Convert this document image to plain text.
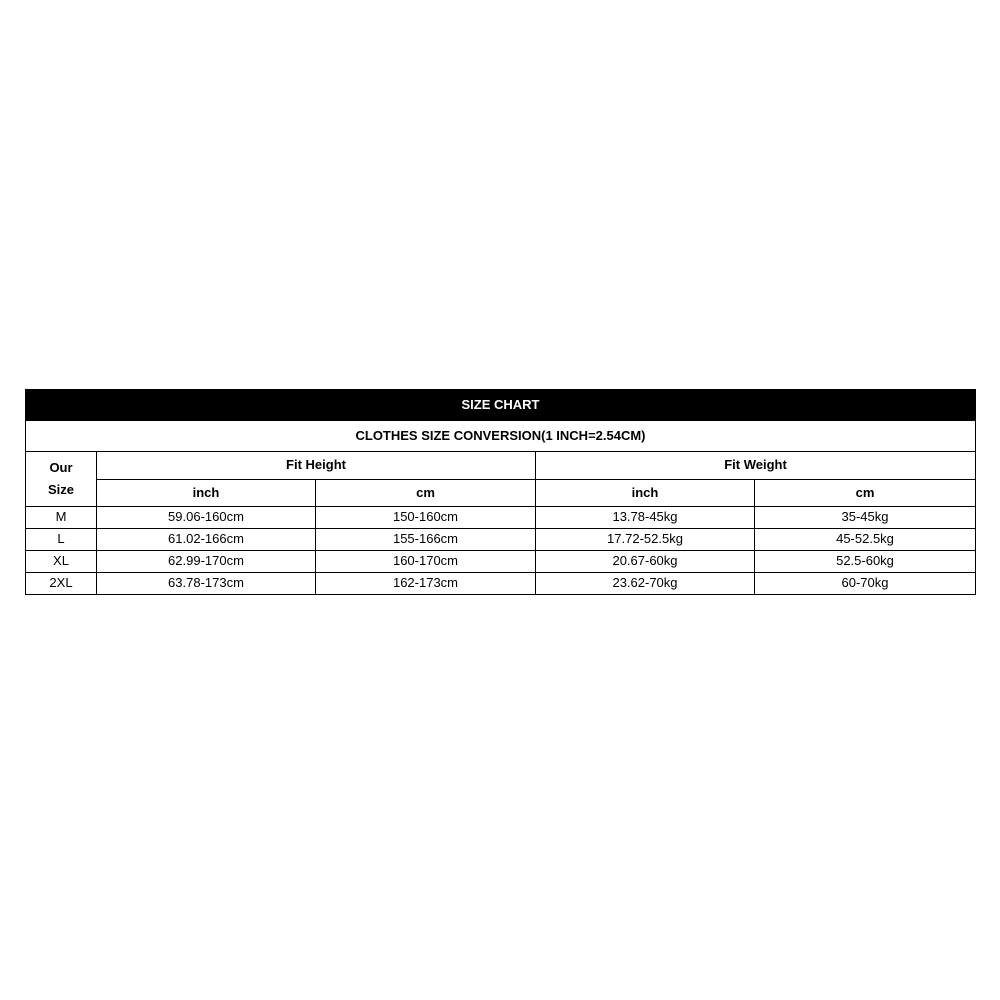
SIZE CHART				
CLOTHES SIZE CONVERSION(1 INCH=2.54CM)				

Our
Size	Fit Height		Fit Weight	
	inch	cm	inch	cm
M	59.06-160cm	150-160cm	13.78-45kg	35-45kg
L	61.02-166cm	155-166cm	17.72-52.5kg	45-52.5kg
XL	62.99-170cm	160-170cm	20.67-60kg	52.5-60kg
2XL	63.78-173cm	162-173cm	23.62-70kg	60-70kg
